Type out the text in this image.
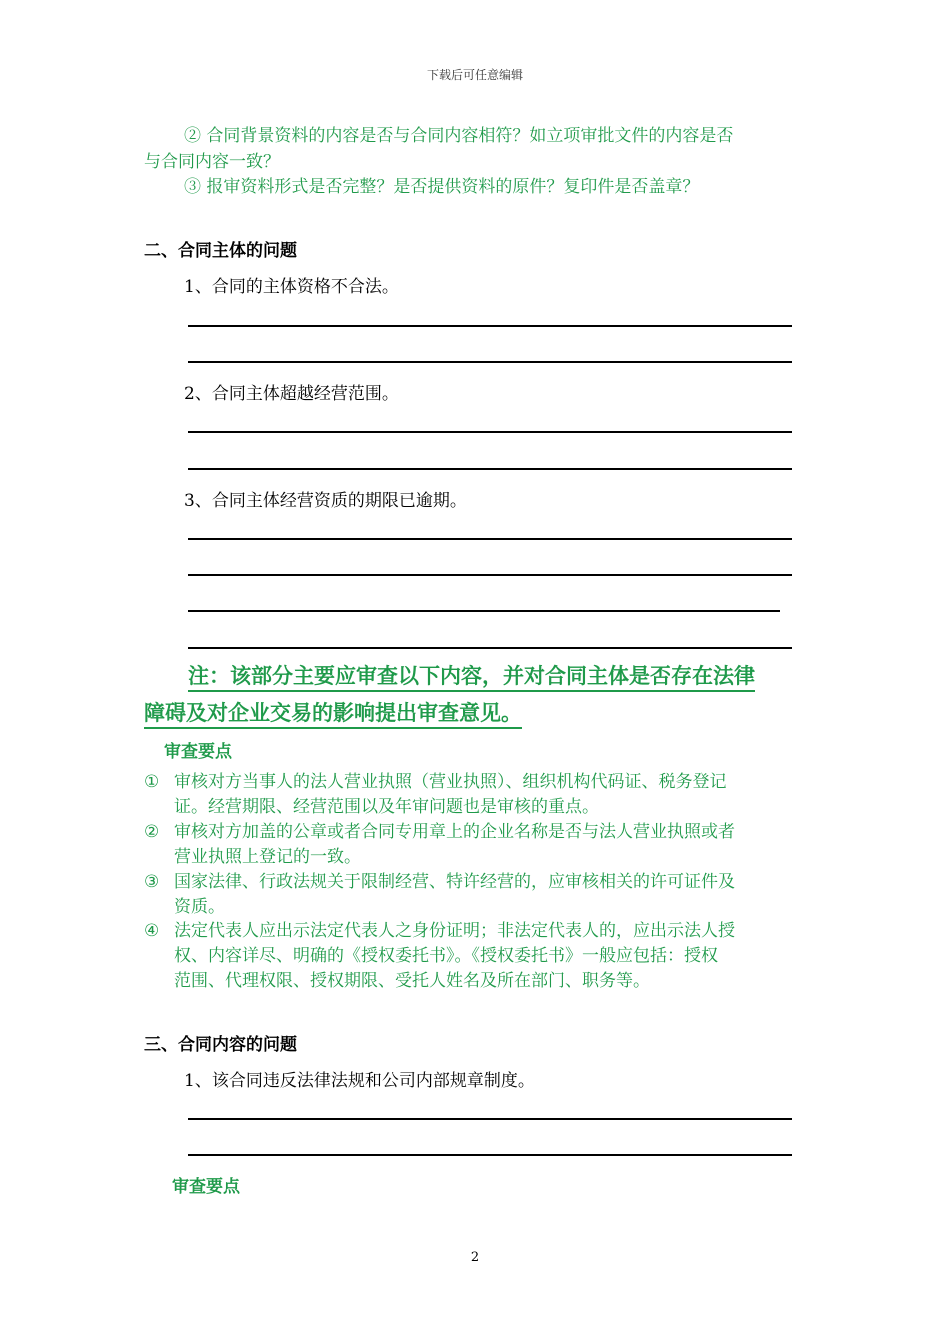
下载后可任意编辑
② 合同背景资料的内容是否与合同内容相符？如立项审批文件的内容是否
与合同内容一致？
③ 报审资料形式是否完整？是否提供资料的原件？复印件是否盖章？
二、合同主体的问题
1、合同的主体资格不合法。
2、合同主体超越经营范围。
3、合同主体经营资质的期限已逾期。
注：该部分主要应审查以下内容，并对合同主体是否存在法律
障碍及对企业交易的影响提出审查意见。
审查要点
① 审核对方当事人的法人营业执照（营业执照）、组织机构代码证、税务登记
证。经营期限、经营范围以及年审问题也是审核的重点。
② 审核对方加盖的公章或者合同专用章上的企业名称是否与法人营业执照或者
营业执照上登记的一致。
③ 国家法律、行政法规关于限制经营、特许经营的，应审核相关的许可证件及
资质。
④ 法定代表人应出示法定代表人之身份证明；非法定代表人的，应出示法人授
权、内容详尽、明确的《授权委托书》。《授权委托书》一般应包括：授权
范围、代理权限、授权期限、受托人姓名及所在部门、职务等。
三、合同内容的问题
1、该合同违反法律法规和公司内部规章制度。
审查要点
2
